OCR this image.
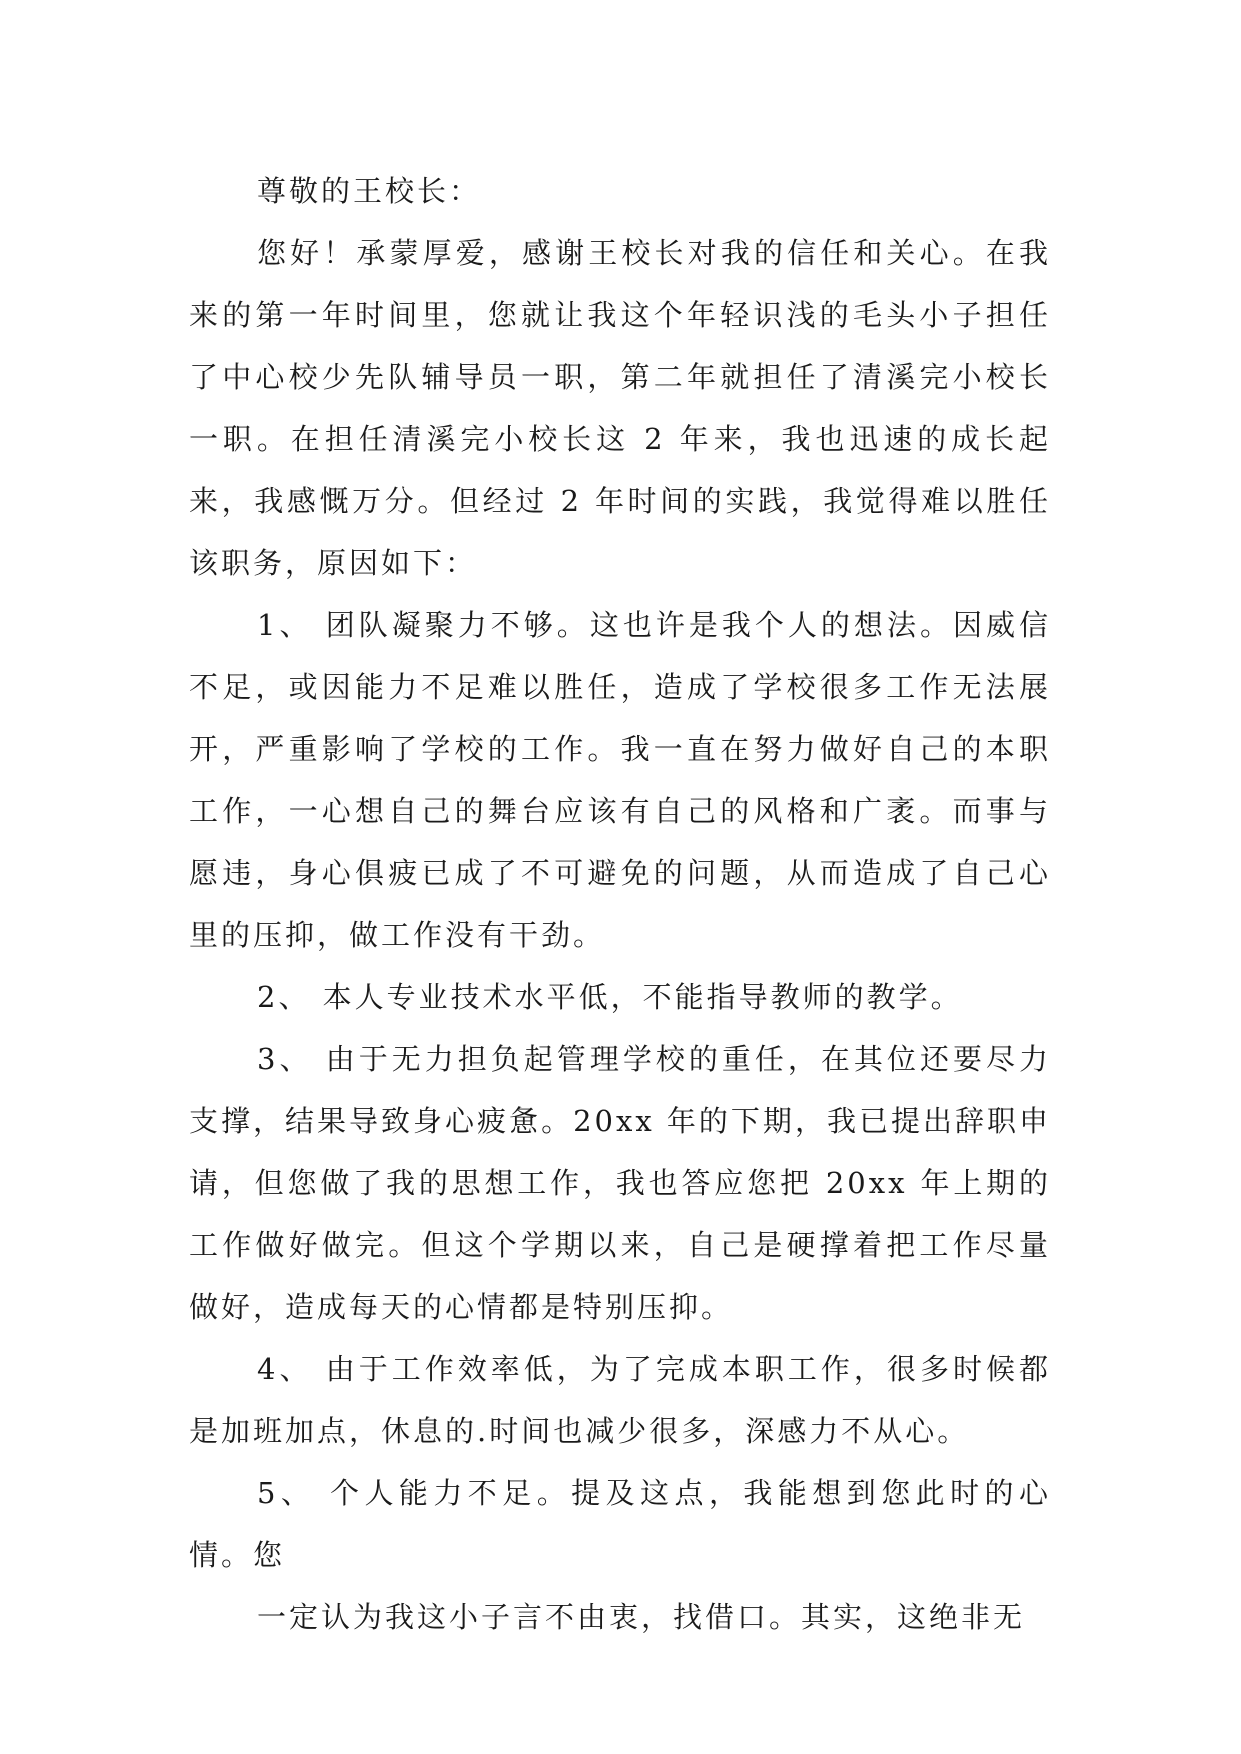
尊敬的王校长：

您好！承蒙厚爱，感谢王校长对我的信任和关心。在我来的第一年时间里，您就让我这个年轻识浅的毛头小子担任了中心校少先队辅导员一职，第二年就担任了清溪完小校长一职。在担任清溪完小校长这 2 年来，我也迅速的成长起来，我感慨万分。但经过 2 年时间的实践，我觉得难以胜任该职务，原因如下：

1、 团队凝聚力不够。这也许是我个人的想法。因威信不足，或因能力不足难以胜任，造成了学校很多工作无法展开，严重影响了学校的工作。我一直在努力做好自己的本职工作，一心想自己的舞台应该有自己的风格和广袤。而事与愿违，身心俱疲已成了不可避免的问题，从而造成了自己心里的压抑，做工作没有干劲。

2、 本人专业技术水平低，不能指导教师的教学。

3、 由于无力担负起管理学校的重任，在其位还要尽力支撑，结果导致身心疲惫。20xx 年的下期，我已提出辞职申请，但您做了我的思想工作，我也答应您把 20xx 年上期的工作做好做完。但这个学期以来，自己是硬撑着把工作尽量做好，造成每天的心情都是特别压抑。

4、 由于工作效率低，为了完成本职工作，很多时候都是加班加点，休息的.时间也减少很多，深感力不从心。

5、 个人能力不足。提及这点，我能想到您此时的心情。您

一定认为我这小子言不由衷，找借口。其实，这绝非无
